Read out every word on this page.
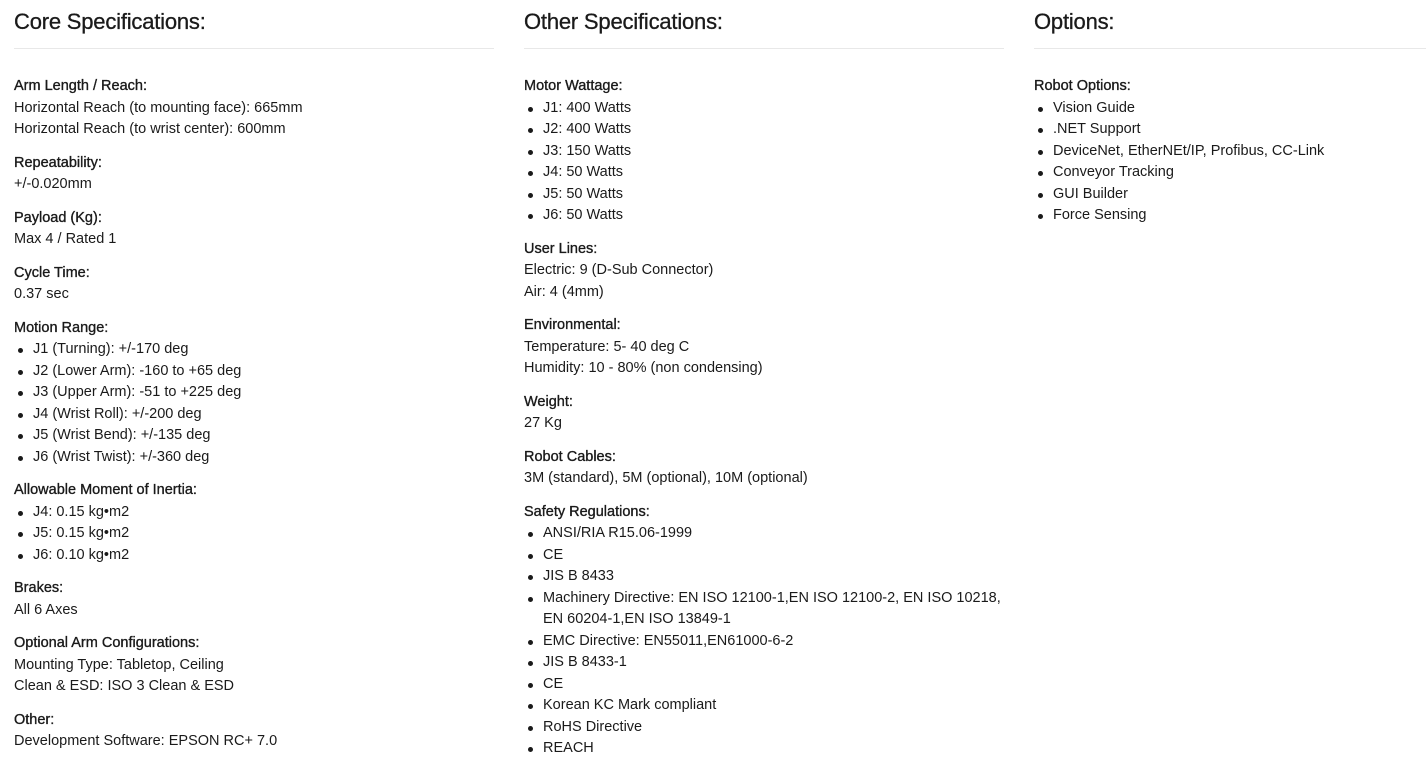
Core Specifications:
Arm Length / Reach:
Horizontal Reach (to mounting face): 665mm
Horizontal Reach (to wrist center): 600mm
Repeatability:
+/-0.020mm
Payload (Kg):
Max 4 / Rated 1
Cycle Time:
0.37 sec
Motion Range:
J1 (Turning): +/-170 deg
J2 (Lower Arm): -160 to +65 deg
J3 (Upper Arm): -51 to +225 deg
J4 (Wrist Roll): +/-200 deg
J5 (Wrist Bend): +/-135 deg
J6 (Wrist Twist): +/-360 deg
Allowable Moment of Inertia:
J4: 0.15 kg•m2
J5: 0.15 kg•m2
J6: 0.10 kg•m2
Brakes:
All 6 Axes
Optional Arm Configurations:
Mounting Type: Tabletop, Ceiling
Clean & ESD: ISO 3 Clean & ESD
Other:
Development Software: EPSON RC+ 7.0
Other Specifications:
Motor Wattage:
J1: 400 Watts
J2: 400 Watts
J3: 150 Watts
J4: 50 Watts
J5: 50 Watts
J6: 50 Watts
User Lines:
Electric: 9 (D-Sub Connector)
Air: 4 (4mm)
Environmental:
Temperature: 5- 40 deg C
Humidity: 10 - 80% (non condensing)
Weight:
27 Kg
Robot Cables:
3M (standard), 5M (optional), 10M (optional)
Safety Regulations:
ANSI/RIA R15.06-1999
CE
JIS B 8433
Machinery Directive: EN ISO 12100-1,EN ISO 12100-2, EN ISO 10218, EN 60204-1,EN ISO 13849-1
EMC Directive: EN55011,EN61000-6-2
JIS B 8433-1
CE
Korean KC Mark compliant
RoHS Directive
REACH
Options:
Robot Options:
Vision Guide
.NET Support
DeviceNet, EtherNEt/IP, Profibus, CC-Link
Conveyor Tracking
GUI Builder
Force Sensing
